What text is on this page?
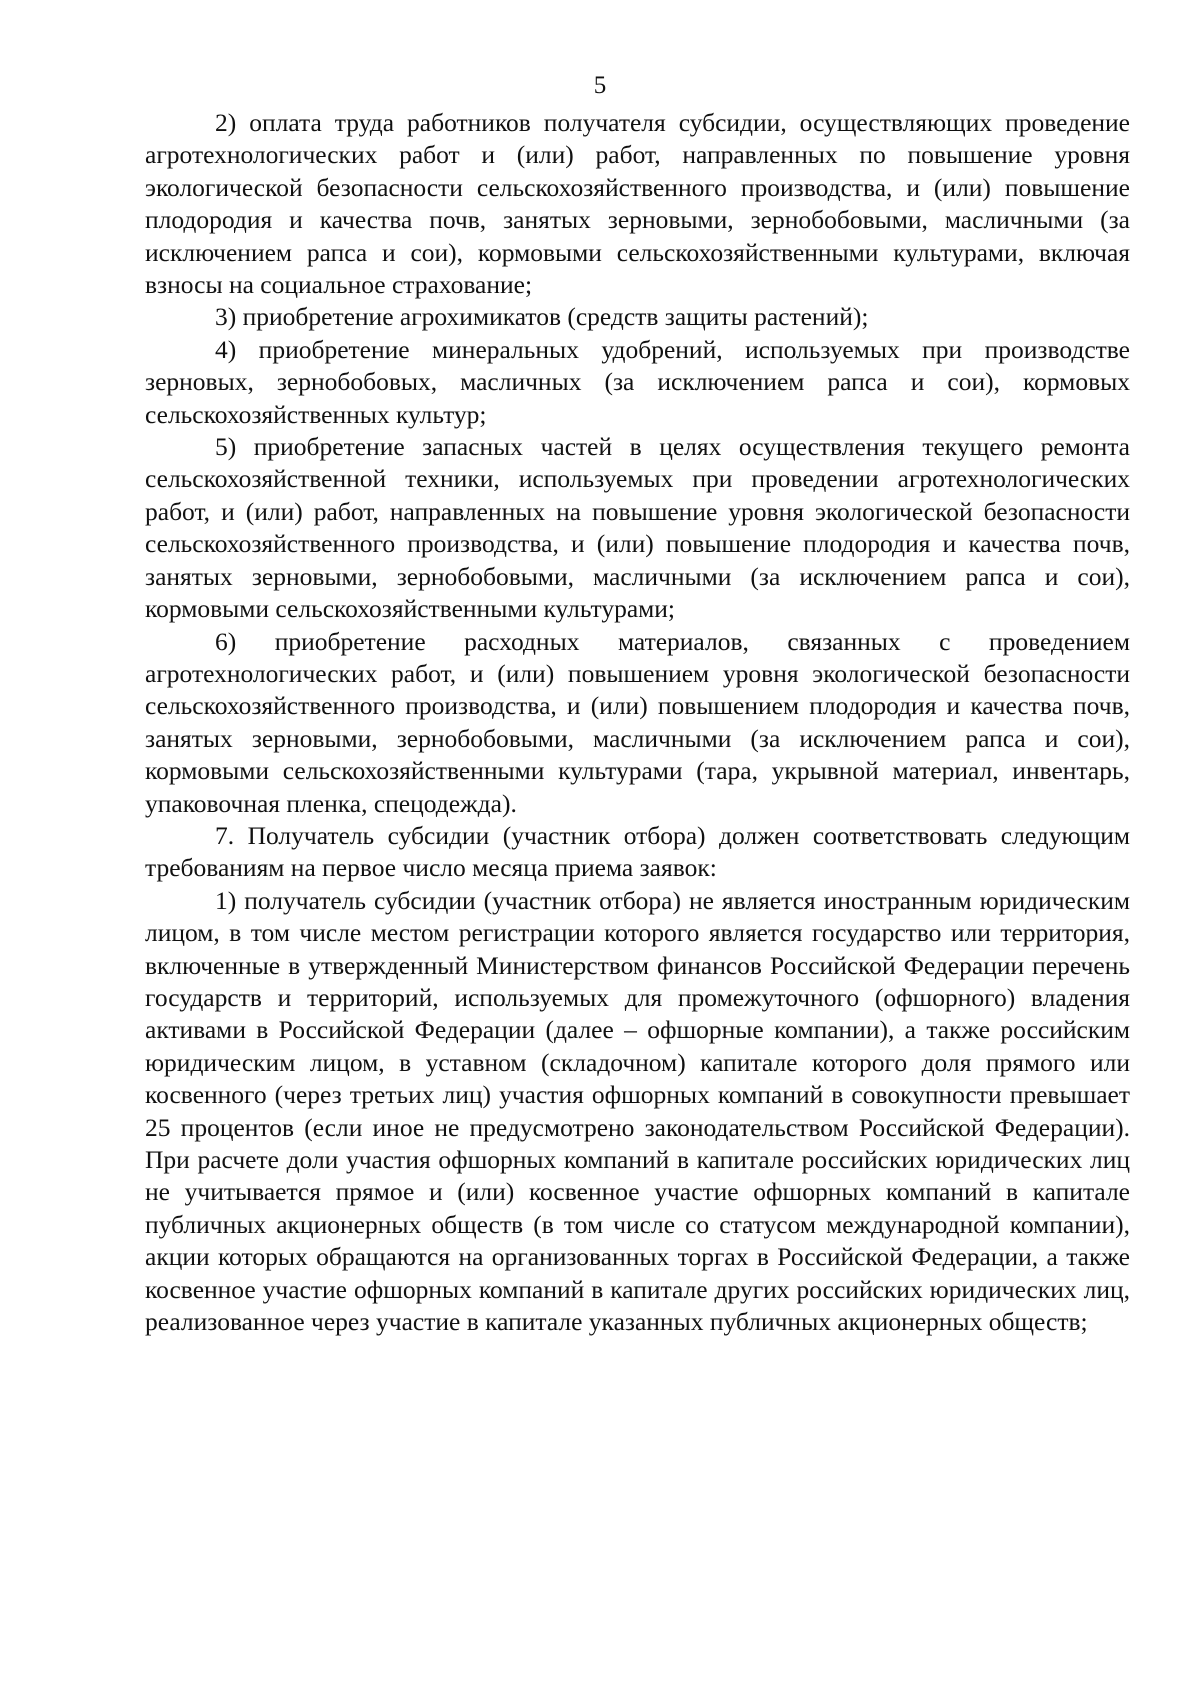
5

2) оплата труда работников получателя субсидии, осуществляющих проведение агротехнологических работ и (или) работ, направленных по повышение уровня экологической безопасности сельскохозяйственного производства, и (или) повышение плодородия и качества почв, занятых зерновыми, зернобобовыми, масличными (за исключением рапса и сои), кормовыми сельскохозяйственными культурами, включая взносы на социальное страхование;

3) приобретение агрохимикатов (средств защиты растений);

4) приобретение минеральных удобрений, используемых при производстве зерновых, зернобобовых, масличных (за исключением рапса и сои), кормовых сельскохозяйственных культур;

5) приобретение запасных частей в целях осуществления текущего ремонта сельскохозяйственной техники, используемых при проведении агротехнологических работ, и (или) работ, направленных на повышение уровня экологической безопасности сельскохозяйственного производства, и (или) повышение плодородия и качества почв, занятых зерновыми, зернобобовыми, масличными (за исключением рапса и сои), кормовыми сельскохозяйственными культурами;

6) приобретение расходных материалов, связанных с проведением агротехнологических работ, и (или) повышением уровня экологической безопасности сельскохозяйственного производства, и (или) повышением плодородия и качества почв, занятых зерновыми, зернобобовыми, масличными (за исключением рапса и сои), кормовыми сельскохозяйственными культурами (тара, укрывной материал, инвентарь, упаковочная пленка, спецодежда).

7. Получатель субсидии (участник отбора) должен соответствовать следующим требованиям на первое число месяца приема заявок:

1) получатель субсидии (участник отбора) не является иностранным юридическим лицом, в том числе местом регистрации которого является государство или территория, включенные в утвержденный Министерством финансов Российской Федерации перечень государств и территорий, используемых для промежуточного (офшорного) владения активами в Российской Федерации (далее – офшорные компании), а также российским юридическим лицом, в уставном (складочном) капитале которого доля прямого или косвенного (через третьих лиц) участия офшорных компаний в совокупности превышает 25 процентов (если иное не предусмотрено законодательством Российской Федерации). При расчете доли участия офшорных компаний в капитале российских юридических лиц не учитывается прямое и (или) косвенное участие офшорных компаний в капитале публичных акционерных обществ (в том числе со статусом международной компании), акции которых обращаются на организованных торгах в Российской Федерации, а также косвенное участие офшорных компаний в капитале других российских юридических лиц, реализованное через участие в капитале указанных публичных акционерных обществ;
